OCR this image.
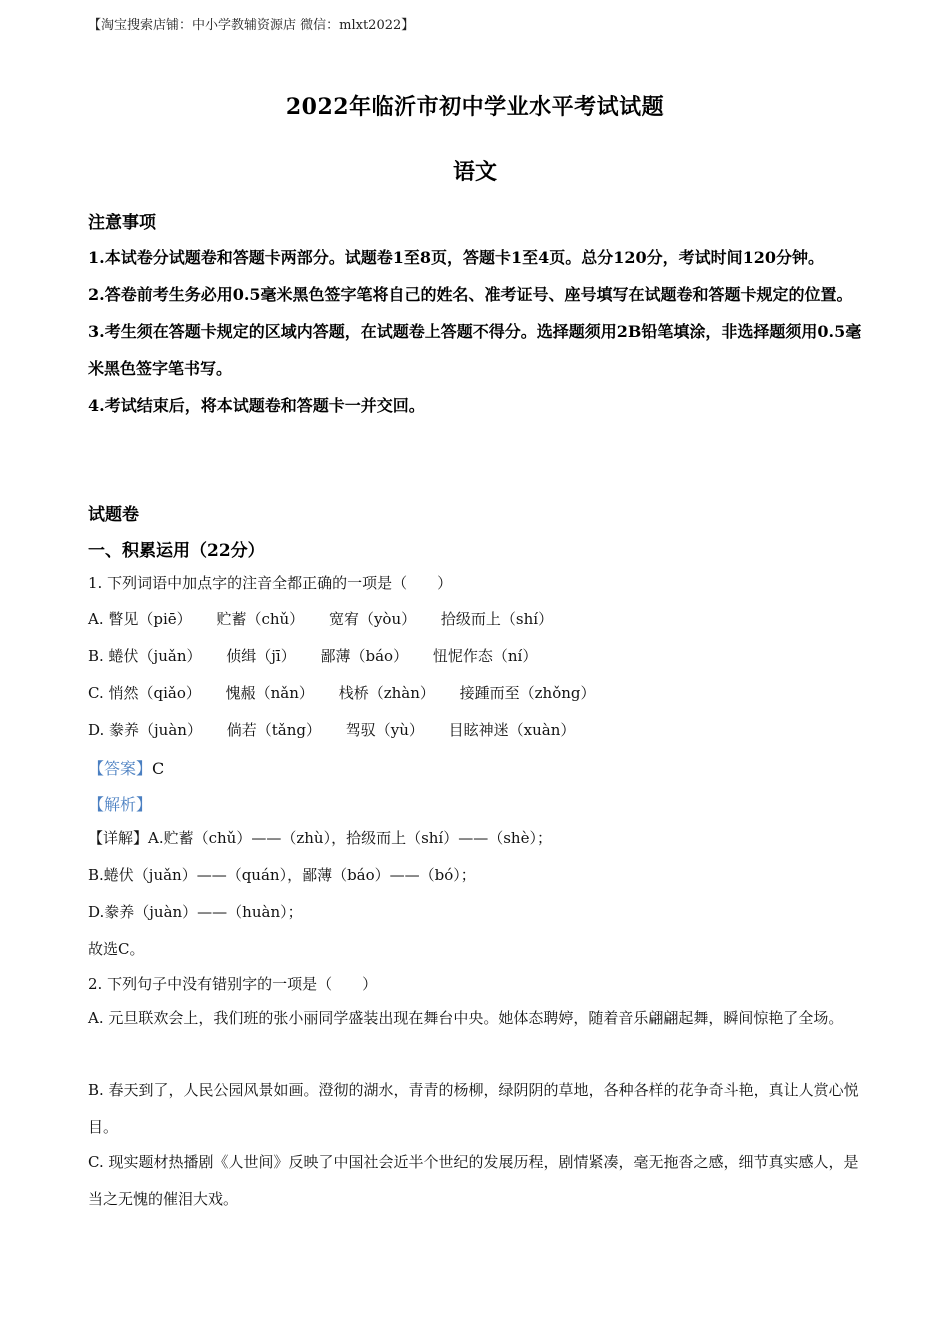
【淘宝搜索店铺：中小学教辅资源店 微信：mlxt2022】
2022年临沂市初中学业水平考试试题
语文
注意事项
1.本试卷分试题卷和答题卡两部分。试题卷1至8页，答题卡1至4页。总分120分，考试时间120分钟。
2.答卷前考生务必用0.5毫米黑色签字笔将自己的姓名、准考证号、座号填写在试题卷和答题卡规定的位置。
3.考生须在答题卡规定的区域内答题，在试题卷上答题不得分。选择题须用2B铅笔填涂，非选择题须用0.5毫米黑色签字笔书写。
4.考试结束后，将本试题卷和答题卡一并交回。
试题卷
一、积累运用（22分）
1. 下列词语中加点字的注音全都正确的一项是（　　）
A. 瞥见（piē） 贮蓄（chǔ） 宽宥（yòu） 拾级而上（shí）
B. 蜷伏（juǎn） 侦缉（jī） 鄙薄（báo） 忸怩作态（ní）
C. 悄然（qiǎo） 愧赧（nǎn） 栈桥（zhàn） 接踵而至（zhǒng）
D. 豢养（juàn） 倘若（tǎng） 驾驭（yù） 目眩神迷（xuàn）
【答案】C
【解析】
【详解】A.贮蓄（chǔ）——（zhù），拾级而上（shí）——（shè）；
B.蜷伏（juǎn）——（quán），鄙薄（báo）——（bó）；
D.豢养（juàn）——（huàn）；
故选C。
2. 下列句子中没有错别字的一项是（　　）
A. 元旦联欢会上，我们班的张小丽同学盛装出现在舞台中央。她体态聘婷，随着音乐翩翩起舞，瞬间惊艳了全场。
B. 春天到了，人民公园风景如画。澄彻的湖水，青青的杨柳，绿阴阴的草地，各种各样的花争奇斗艳，真让人赏心悦目。
C. 现实题材热播剧《人世间》反映了中国社会近半个世纪的发展历程，剧情紧凑，毫无拖沓之感，细节真实感人，是当之无愧的催泪大戏。
